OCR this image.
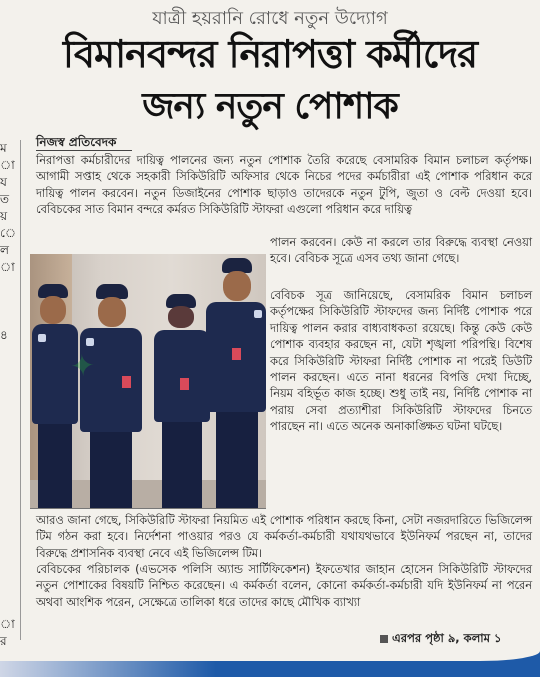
যাত্রী হয়রানি রোধে নতুন উদ্যোগ
বিমানবন্দর নিরাপত্তা কর্মীদের
জন্য নতুন পোশাক
ম
া
য
ত
য়
ে
ল
া
৪
া
র
নিজস্ব প্রতিবেদক
নিরাপত্তা কর্মচারীদের দায়িত্ব পালনের জন্য নতুন পোশাক তৈরি করেছে বেসামরিক বিমান চলাচল কর্তৃপক্ষ। আগামী সপ্তাহ থেকে সহকারী সিকিউরিটি অফিসার থেকে নিচের পদের কর্মচারীরা এই পোশাক পরিধান করে দায়িত্ব পালন করবেন। নতুন ডিজাইনের পোশাক ছাড়াও তাদেরকে নতুন টুপি, জুতা ও বেল্ট দেওয়া হবে। বেবিচকের সাত বিমান বন্দরে কর্মরত সিকিউরিটি স্টাফরা এগুলো পরিধান করে দায়িত্ব
পালন করবেন। কেউ না করলে তার বিরুদ্ধে ব্যবস্থা নেওয়া হবে। বেবিচক সূত্রে এসব তথ্য জানা গেছে।
বেবিচক সূত্র জানিয়েছে, বেসামরিক বিমান চলাচল কর্তৃপক্ষের সিকিউরিটি স্টাফদের জন্য নির্দিষ্ট পোশাক পরে দায়িত্ব পালন করার বাধ্যবাধকতা রয়েছে। কিন্তু কেউ কেউ পোশাক ব্যবহার করছেন না, যেটা শৃঙ্খলা পরিপন্থি। বিশেষ করে সিকিউরিটি স্টাফরা নির্দিষ্ট পোশাক না পরেই ডিউটি পালন করছেন। এতে নানা ধরনের বিপত্তি দেখা দিচ্ছে, নিয়ম বহির্ভূত কাজ হচ্ছে। শুধু তাই নয়, নির্দিষ্ট পোশাক না পরায় সেবা প্রত্যাশীরা সিকিউরিটি স্টাফদের চিনতে পারছেন না। এতে অনেক অনাকাঙ্ক্ষিত ঘটনা ঘটছে।
✦
আরও জানা গেছে, সিকিউরিটি স্টাফরা নিয়মিত এই পোশাক পরিধান করছে কিনা, সেটা নজরদারিতে ভিজিলেন্স টিম গঠন করা হবে। নির্দেশনা পাওয়ার পরও যে কর্মকর্তা-কর্মচারী যথাযথভাবে ইউনিফর্ম পরছেন না, তাদের বিরুদ্ধে প্রশাসনিক ব্যবস্থা নেবে এই ভিজিলেন্স টিম।
বেবিচকের পরিচালক (এভসেক পলিসি অ্যান্ড সার্টিফিকেশন) ইফতেখার জাহান হোসেন সিকিউরিটি স্টাফদের নতুন পোশাকের বিষয়টি নিশ্চিত করেছেন। এ কর্মকর্তা বলেন, কোনো কর্মকর্তা-কর্মচারী যদি ইউনিফর্ম না পরেন অথবা আংশিক পরেন, সেক্ষেত্রে তালিকা ধরে তাদের কাছে মৌখিক ব্যাখ্যা
এরপর পৃষ্ঠা ৯, কলাম ১
